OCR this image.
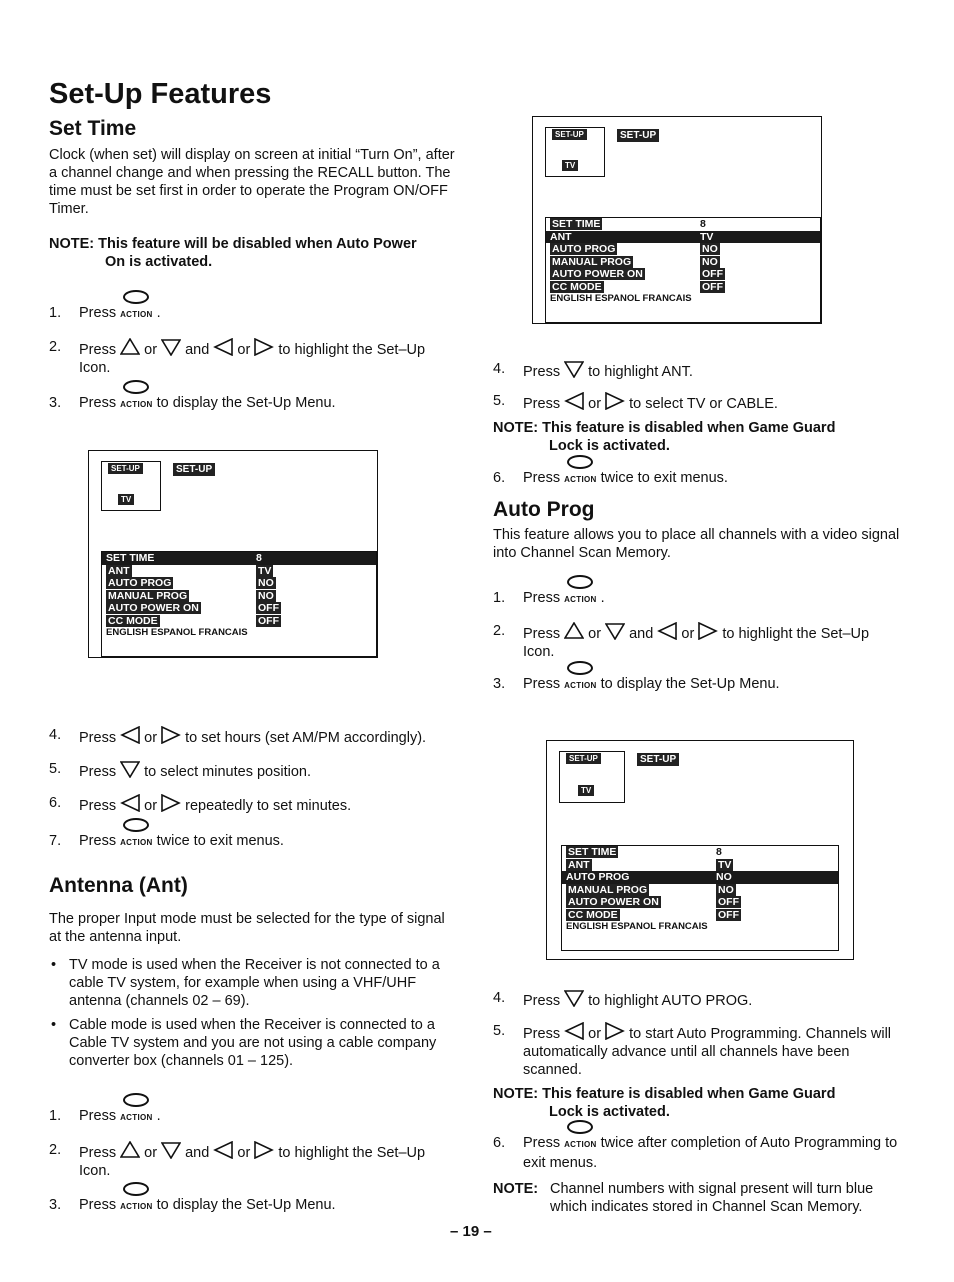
Set-Up Features
Set Time

Clock (when set) will display on screen at initial “Turn On”, after a channel change and when pressing the RECALL button. The time must be set first in order to operate the Program ON/OFF Timer.

NOTE: This feature will be disabled when Auto Power
On is activated.
1.	Press ACTION .
2.	Press or and or to highlight the Set–Up
Icon.
3.	Press ACTION to display the Set-Up Menu.
SET-UP
TV
SET-UP
SET TIME	8
ANT	TV
AUTO PROG	NO
MANUAL PROG	NO
AUTO POWER ON	OFF
CC MODE	OFF
ENGLISH ESPANOL FRANCAIS
4.	Press or to set hours (set AM/PM accordingly).
5.	Press to select minutes position.
6.	Press or repeatedly to set minutes.
7.	Press ACTION twice to exit menus.
Antenna (Ant)

The proper Input mode must be selected for the type of signal at the antenna input.

• TV mode is used when the Receiver is not connected to a cable TV system, for example when using a VHF/UHF antenna (channels 02 – 69).
• Cable mode is used when the Receiver is connected to a Cable TV system and you are not using a cable company converter box (channels 01 – 125).
1.	Press ACTION .
2.	Press or and or to highlight the Set–Up
Icon.
3.	Press ACTION to display the Set-Up Menu.
SET-UP
TV
SET-UP
SET TIME	8
ANT	TV
AUTO PROG	NO
MANUAL PROG	NO
AUTO POWER ON	OFF
CC MODE	OFF
ENGLISH ESPANOL FRANCAIS
4.	Press to highlight ANT.
5.	Press or to select TV or CABLE.
NOTE: This feature is disabled when Game Guard
Lock is activated.
6.	Press ACTION twice to exit menus.
Auto Prog

This feature allows you to place all channels with a video signal into Channel Scan Memory.

1.	Press ACTION .
2.	Press or and or to highlight the Set–Up
Icon.
3.	Press ACTION to display the Set-Up Menu.
SET-UP
TV
SET-UP
SET TIME	8
ANT	TV
AUTO PROG	NO
MANUAL PROG	NO
AUTO POWER ON	OFF
CC MODE	OFF
ENGLISH ESPANOL FRANCAIS
4.	Press to highlight AUTO PROG.
5.	Press or to start Auto Programming. Channels will automatically advance until all channels have been scanned.
NOTE: This feature is disabled when Game Guard
Lock is activated.
6.	Press ACTION twice after completion of Auto Programming to exit menus.
NOTE: Channel numbers with signal present will turn blue which indicates stored in Channel Scan Memory.
– 19 –
